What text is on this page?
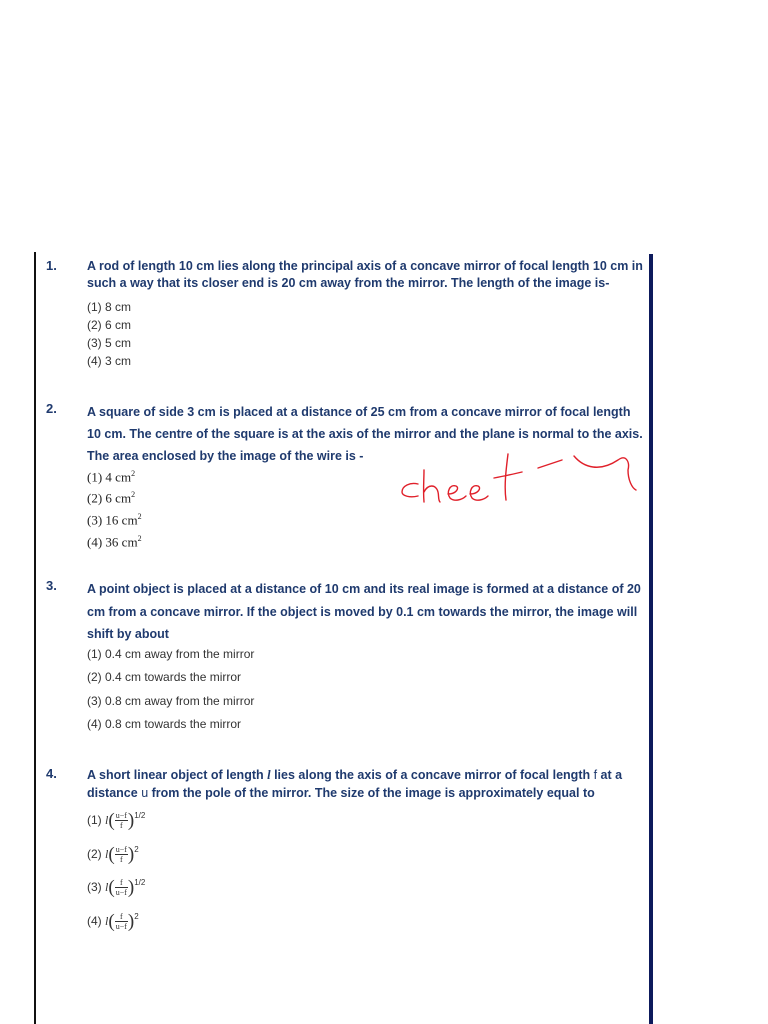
1. A rod of length 10 cm lies along the principal axis of a concave mirror of focal length 10 cm in such a way that its closer end is 20 cm away from the mirror. The length of the image is-
(1) 8 cm
(2) 6 cm
(3) 5 cm
(4) 3 cm
2. A square of side 3 cm is placed at a distance of 25 cm from a concave mirror of focal length 10 cm. The centre of the square is at the axis of the mirror and the plane is normal to the axis. The area enclosed by the image of the wire is -
(1) 4 $cm^2$
(2) 6 $cm^2$
(3) 16 $cm^2$
(4) 36 $cm^2$
3. A point object is placed at a distance of 10 cm and its real image is formed at a distance of 20 cm from a concave mirror. If the object is moved by 0.1 cm towards the mirror, the image will shift by about
(1) 0.4 cm away from the mirror
(2) 0.4 cm towards the mirror
(3) 0.8 cm away from the mirror
(4) 0.8 cm towards the mirror
4. A short linear object of length l lies along the axis of a concave mirror of focal length f at a distance u from the pole of the mirror. The size of the image is approximately equal to
(1) $l( \frac{u-f}{f} )^{1/2}$
(2) $l( \frac{u-f}{f} )^2$
(3) $l( \frac{f}{u-f} )^{1/2}$
(4) $l( \frac{f}{u-f} )^2$
